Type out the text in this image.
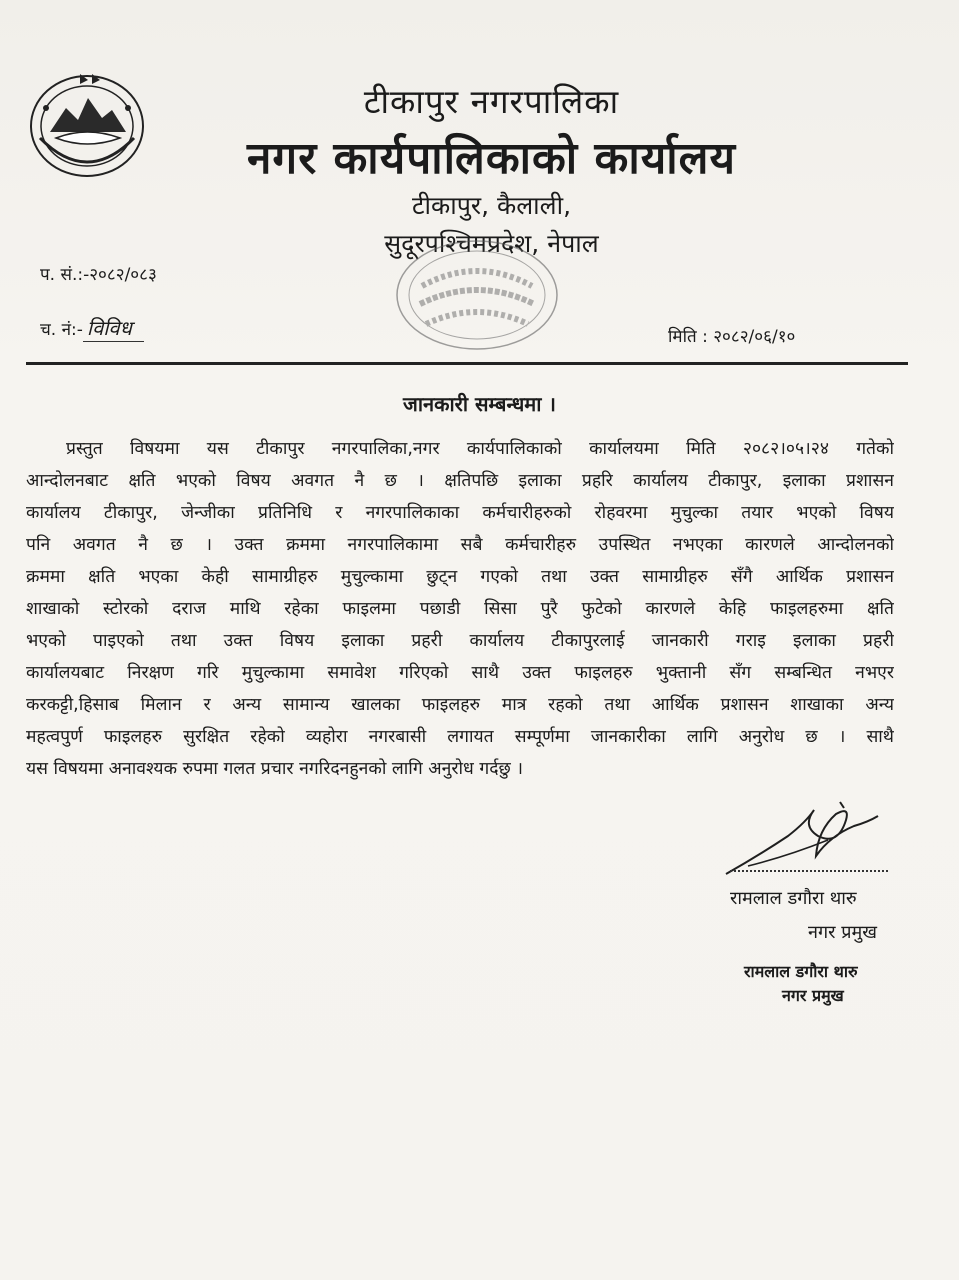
टीकापुर नगरपालिका
नगर कार्यपालिकाको कार्यालय
टीकापुर, कैलाली,
सुदूरपश्चिमप्रदेश, नेपाल
प. सं.:-२०८२/०८३
च. नं:- विविध	मिति : २०८२/०६/१०
जानकारी सम्बन्धमा ।
प्रस्तुत विषयमा यस टीकापुर नगरपालिका,नगर कार्यपालिकाको कार्यालयमा मिति २०८२।०५।२४ गतेको
आन्दोलनबाट क्षति भएको विषय अवगत नै छ । क्षतिपछि इलाका प्रहरि कार्यालय टीकापुर, इलाका प्रशासन
कार्यालय टीकापुर, जेन्जीका प्रतिनिधि र नगरपालिकाका कर्मचारीहरुको रोहवरमा मुचुल्का तयार भएको विषय
पनि अवगत नै छ । उक्त क्रममा नगरपालिकामा सबै कर्मचारीहरु उपस्थित नभएका कारणले आन्दोलनको
क्रममा क्षति भएका केही सामाग्रीहरु मुचुल्कामा छुट्न गएको तथा उक्त सामाग्रीहरु सँगै आर्थिक प्रशासन
शाखाको स्टोरको दराज माथि रहेका फाइलमा पछाडी सिसा पुरै फुटेको कारणले केहि फाइलहरुमा क्षति
भएको पाइएको तथा उक्त विषय इलाका प्रहरी कार्यालय टीकापुरलाई जानकारी गराइ इलाका प्रहरी
कार्यालयबाट निरक्षण गरि मुचुल्कामा समावेश गरिएको साथै उक्त फाइलहरु भुक्तानी सँग सम्बन्धित नभएर
करकट्टी,हिसाब मिलान र अन्य सामान्य खालका फाइलहरु मात्र रहको तथा आर्थिक प्रशासन शाखाका अन्य
महत्वपुर्ण फाइलहरु सुरक्षित रहेको व्यहोरा नगरबासी लगायत सम्पूर्णमा जानकारीका लागि अनुरोध छ । साथै
यस विषयमा अनावश्यक रुपमा गलत प्रचार नगरिदनहुनको लागि अनुरोध गर्दछु ।
रामलाल डगौरा थारु
नगर प्रमुख
रामलाल डगौरा थारु
नगर प्रमुख
